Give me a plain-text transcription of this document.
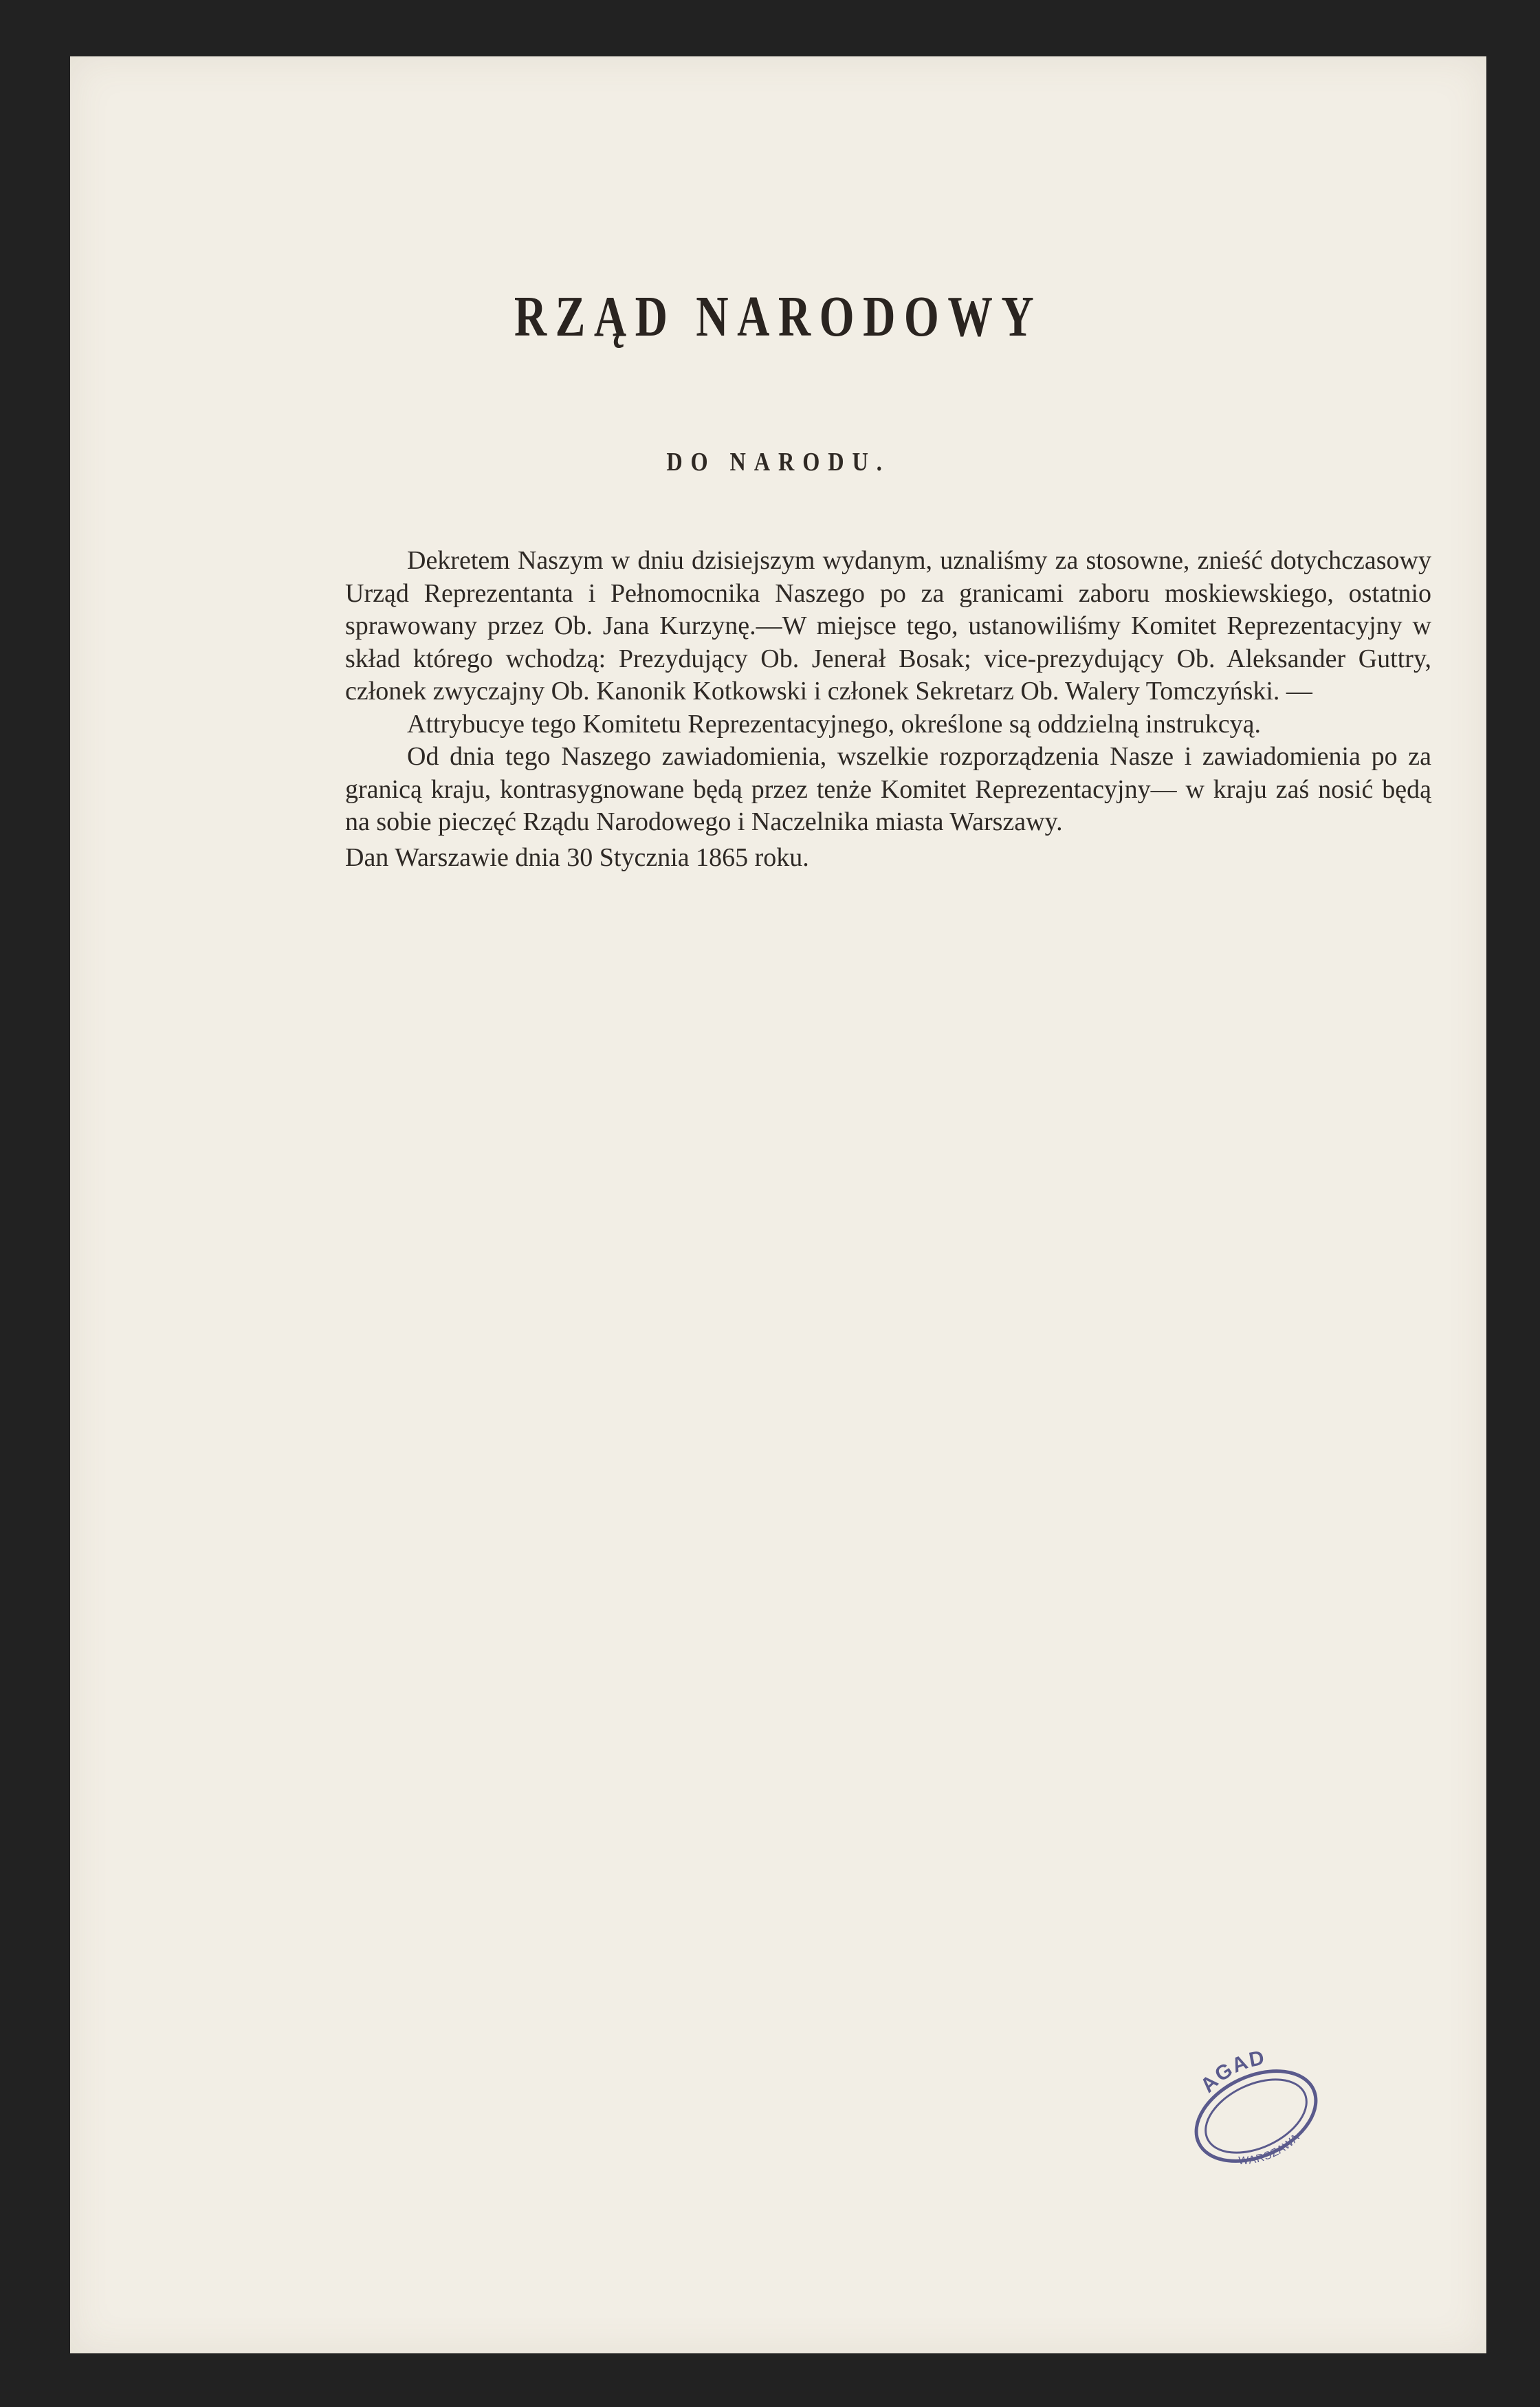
RZĄD NARODOWY
DO NARODU.

Dekretem Naszym w dniu dzisiejszym wydanym, uznaliśmy za stosowne, znieść dotychczasowy Urząd Reprezentanta i Pełnomocnika Naszego po za granicami zaboru moskiewskiego, ostatnio sprawowany przez Ob. Jana Kurzynę.—W miejsce tego, ustanowiliśmy Komitet Reprezentacyjny w skład którego wchodzą: Prezydujący Ob. Jenerał Bosak; vice-prezydujący Ob. Aleksander Guttry, członek zwyczajny Ob. Kanonik Kotkowski i członek Sekretarz Ob. Walery Tomczyński. —

Attrybucye tego Komitetu Reprezentacyjnego, określone są oddzielną instrukcyą.

Od dnia tego Naszego zawiadomienia, wszelkie rozporządzenia Nasze i zawiadomienia po za granicą kraju, kontrasygnowane będą przez tenże Komitet Reprezentacyjny— w kraju zaś nosić będą na sobie pieczęć Rządu Narodowego i Naczelnika miasta Warszawy.

Dan Warszawie dnia 30 Stycznia 1865 roku.

AGAD
WARSZAWA
